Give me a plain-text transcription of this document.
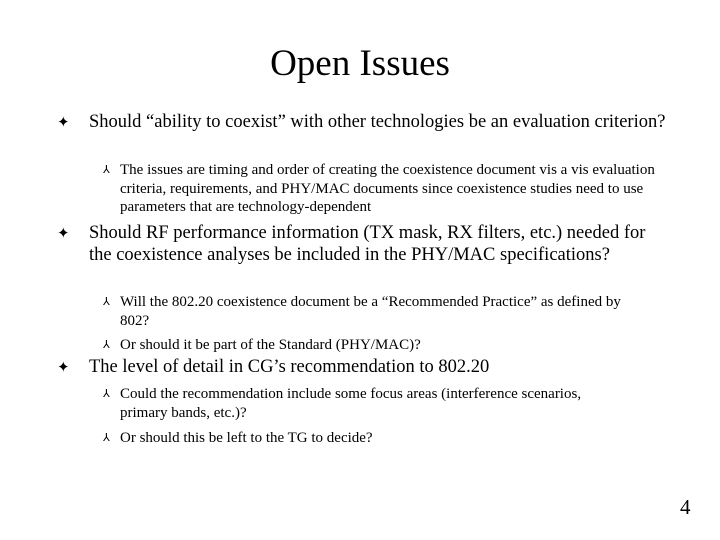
Open Issues
✦ Should “ability to coexist” with other technologies be an evaluation criterion?
⅄ The issues are timing and order of creating the coexistence document vis a vis evaluation criteria, requirements, and PHY/MAC documents since coexistence studies need to use parameters that are technology-dependent
✦ Should RF performance information (TX mask, RX filters, etc.) needed for the coexistence analyses be included in the PHY/MAC specifications?
⅄ Will the 802.20 coexistence document be a “Recommended Practice” as defined by 802?
⅄ Or should it be part of the Standard (PHY/MAC)?
✦ The level of detail in CG’s recommendation to 802.20
⅄ Could the recommendation include some focus areas (interference scenarios, primary bands, etc.)?
⅄ Or should this be left to the TG to decide?
4
